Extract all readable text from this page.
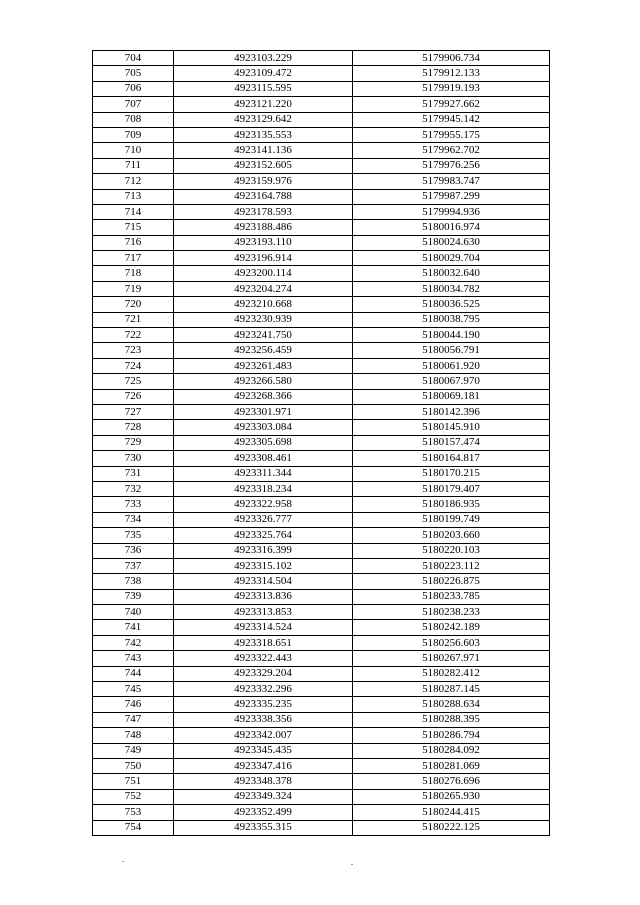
704	4923103.229	5179906.734
705	4923109.472	5179912.133
706	4923115.595	5179919.193
707	4923121.220	5179927.662
708	4923129.642	5179945.142
709	4923135.553	5179955.175
710	4923141.136	5179962.702
711	4923152.605	5179976.256
712	4923159.976	5179983.747
713	4923164.788	5179987.299
714	4923178.593	5179994.936
715	4923188.486	5180016.974
716	4923193.110	5180024.630
717	4923196.914	5180029.704
718	4923200.114	5180032.640
719	4923204.274	5180034.782
720	4923210.668	5180036.525
721	4923230.939	5180038.795
722	4923241.750	5180044.190
723	4923256.459	5180056.791
724	4923261.483	5180061.920
725	4923266.580	5180067.970
726	4923268.366	5180069.181
727	4923301.971	5180142.396
728	4923303.084	5180145.910
729	4923305.698	5180157.474
730	4923308.461	5180164.817
731	4923311.344	5180170.215
732	4923318.234	5180179.407
733	4923322.958	5180186.935
734	4923326.777	5180199.749
735	4923325.764	5180203.660
736	4923316.399	5180220.103
737	4923315.102	5180223.112
738	4923314.504	5180226.875
739	4923313.836	5180233.785
740	4923313.853	5180238.233
741	4923314.524	5180242.189
742	4923318.651	5180256.603
743	4923322.443	5180267.971
744	4923329.204	5180282.412
745	4923332.296	5180287.145
746	4923335.235	5180288.634
747	4923338.356	5180288.395
748	4923342.007	5180286.794
749	4923345.435	5180284.092
750	4923347.416	5180281.069
751	4923348.378	5180276.696
752	4923349.324	5180265.930
753	4923352.499	5180244.415
754	4923355.315	5180222.125
